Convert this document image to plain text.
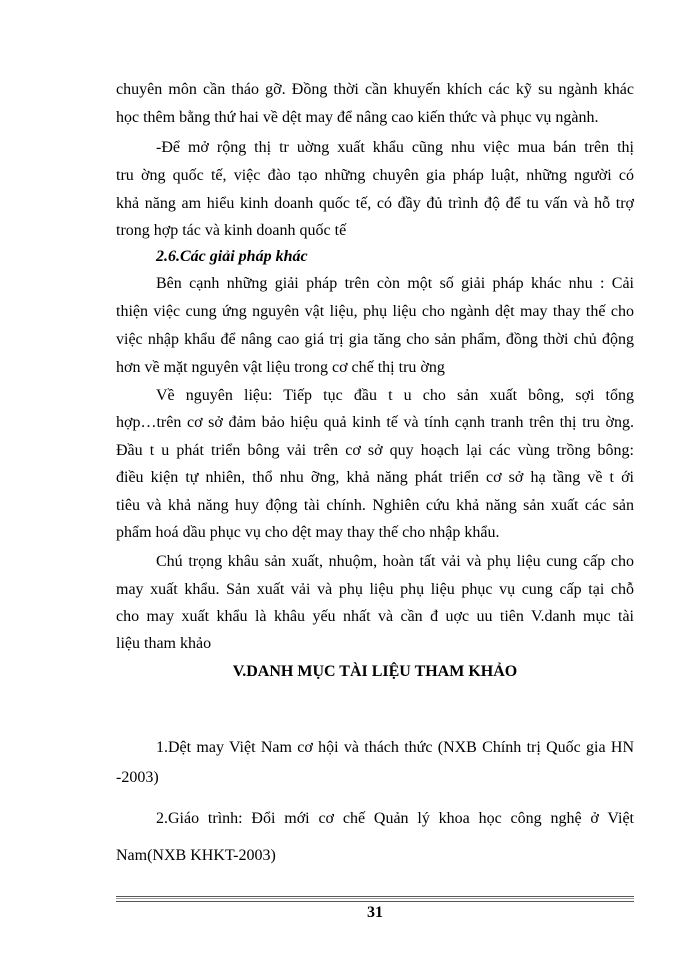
chuyên môn cần tháo gỡ. Đồng thời cần khuyến khích các kỹ su ngành khác
học thêm bằng thứ hai về dệt may để nâng cao kiến thức và phục vụ ngành.
-Để mở rộng thị tr uờng xuất khẩu cũng nhu việc mua bán trên thị
tru ờng quốc tế, việc đào tạo những chuyên gia pháp luật, những người có
khả năng am hiểu kinh doanh quốc tế, có đầy đủ trình độ để tu vấn và hỗ trợ
trong hợp tác và kinh doanh quốc tế
2.6.Các giải pháp khác
Bên cạnh những giải pháp trên còn một số giải pháp khác nhu : Cải
thiện việc cung ứng nguyên vật liệu, phụ liệu cho ngành dệt may thay thế cho
việc nhập khẩu để nâng cao giá trị gia tăng cho sản phẩm, đồng thời chủ động
hơn về mặt nguyên vật liệu trong cơ chế thị tru ờng
Về nguyên liệu: Tiếp tục đầu t u cho sản xuất bông, sợi tổng
hợp…trên cơ sở đảm bảo hiệu quả kinh tế và tính cạnh tranh trên thị tru ờng.
Đầu t u phát triển bông vải trên cơ sở quy hoạch lại các vùng trồng bông:
điều kiện tự nhiên, thổ nhu ỡng, khả năng phát triển cơ sở hạ tầng về t ới
tiêu và khả năng huy động tài chính. Nghiên cứu khả năng sản xuất các sản
phẩm hoá dầu phục vụ cho dệt may thay thế cho nhập khẩu.
Chú trọng khâu sản xuất, nhuộm, hoàn tất vải và phụ liệu cung cấp cho
may xuất khẩu. Sản xuất vải và phụ liệu phụ liệu phục vụ cung cấp tại chỗ
cho may xuất khẩu là khâu yếu nhất và cần đ uợc uu tiên V.danh mục tài
liệu tham khảo
V.DANH MỤC TÀI LIỆU THAM KHẢO
1.Dệt may Việt Nam cơ hội và thách thức (NXB Chính trị Quốc gia HN
-2003)
2.Giáo trình: Đổi mới cơ chế Quản lý khoa học công nghệ ở Việt
Nam(NXB KHKT-2003)
31
